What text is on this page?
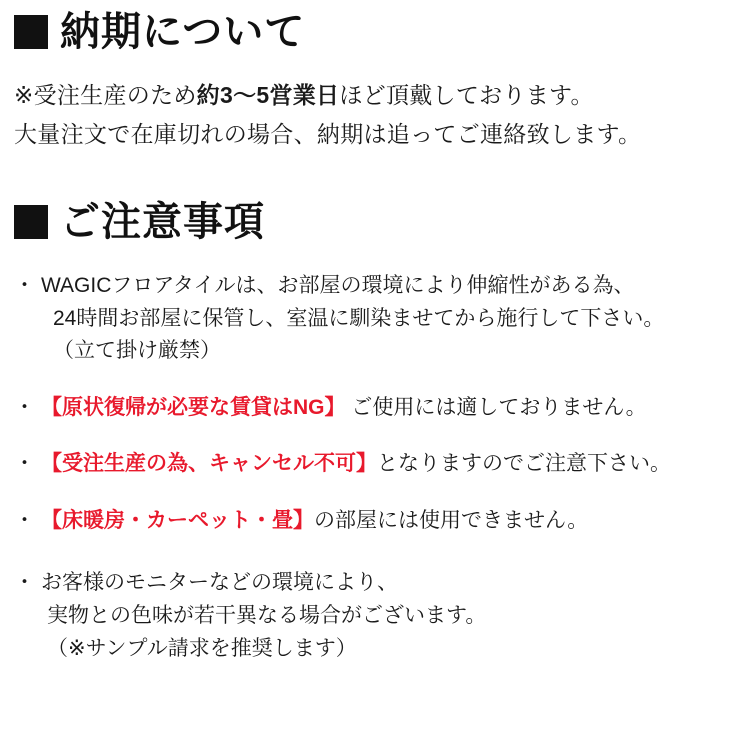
納期について
※受注生産のため約3〜5営業日ほど頂戴しております。
大量注文で在庫切れの場合、納期は追ってご連絡致します。
ご注意事項
・ WAGICフロアタイルは、お部屋の環境により伸縮性がある為、
24時間お部屋に保管し、室温に馴染ませてから施行して下さい。
（立て掛け厳禁）
・ 【原状復帰が必要な賃貸はNG】 ご使用には適しておりません。
・ 【受注生産の為、キャンセル不可】となりますのでご注意下さい。
・ 【床暖房・カーペット・畳】の部屋には使用できません。
・ お客様のモニターなどの環境により、
実物との色味が若干異なる場合がございます。
（※サンプル請求を推奨します）
